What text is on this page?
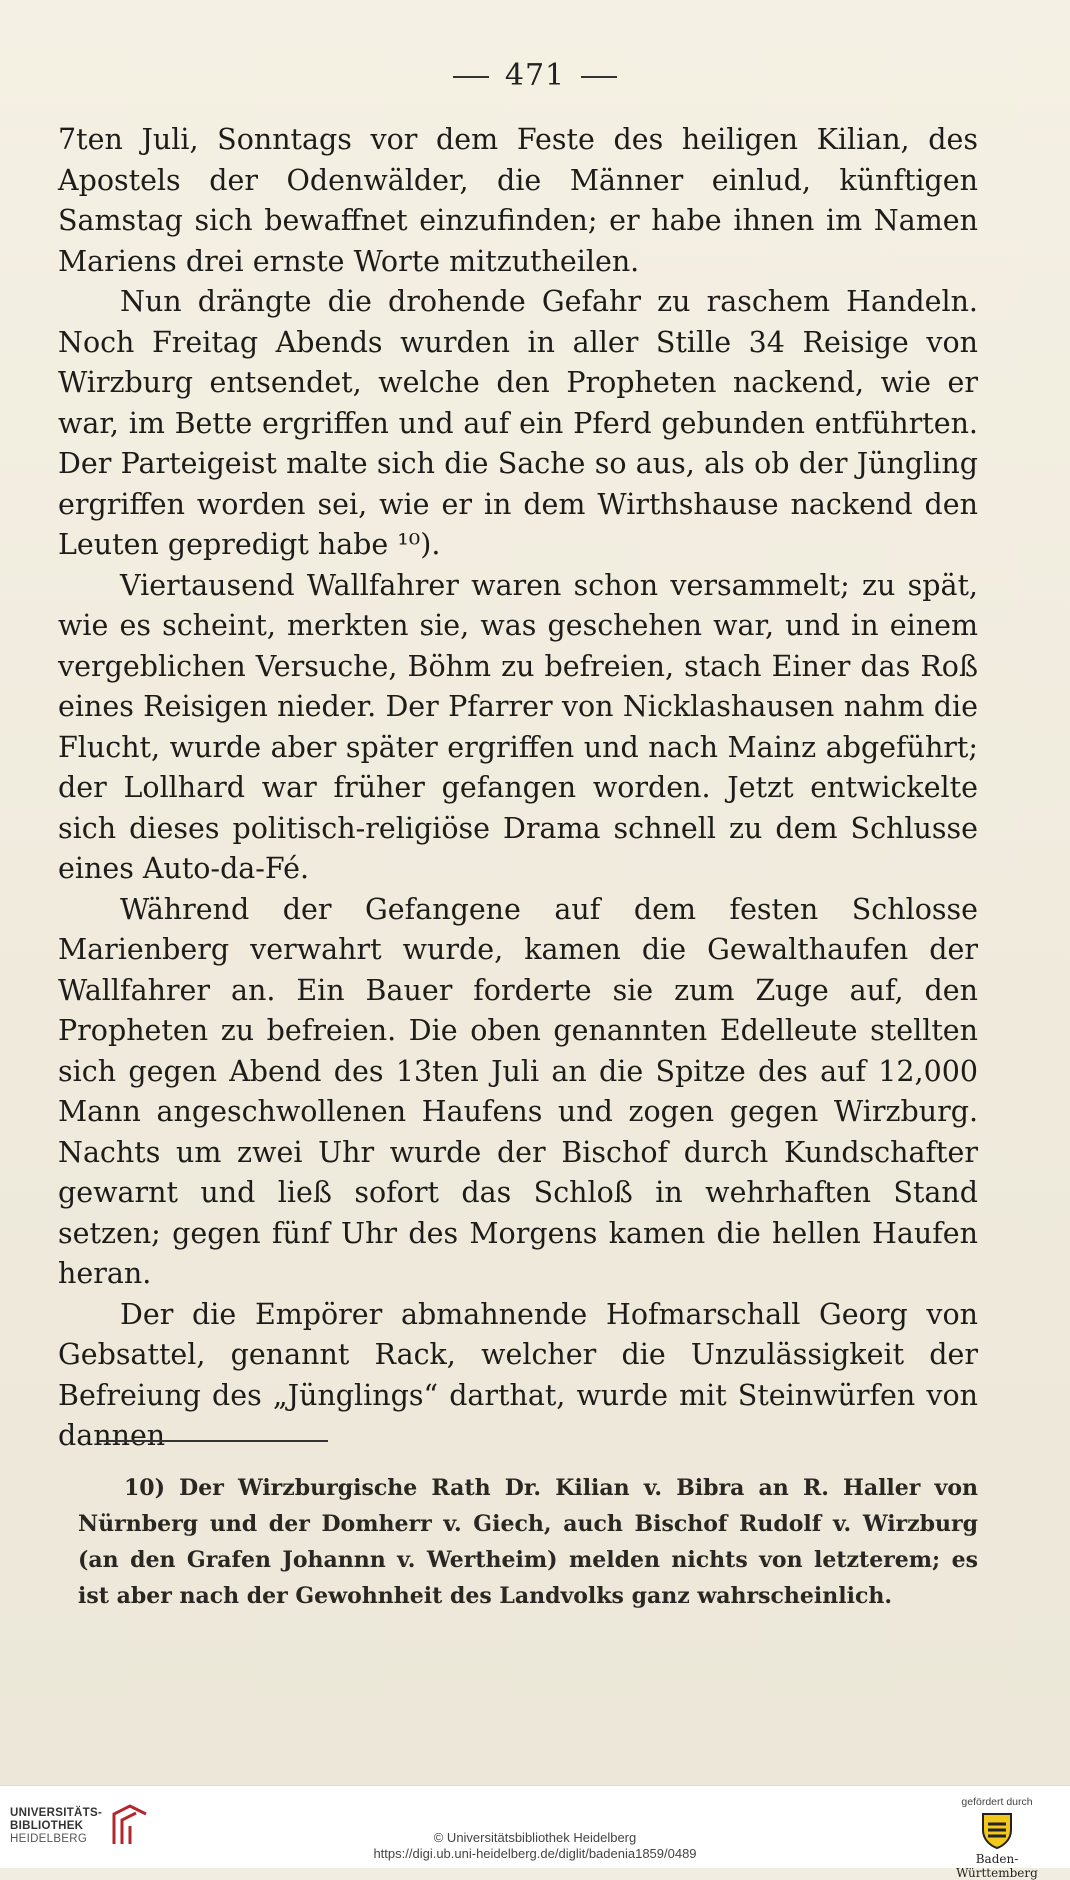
471

7ten Juli, Sonntags vor dem Feste des heiligen Kilian, des Apostels der Odenwälder, die Männer einlud, künftigen Samstag sich bewaffnet einzufinden; er habe ihnen im Namen Mariens drei ernste Worte mitzutheilen.

Nun drängte die drohende Gefahr zu raschem Handeln. Noch Freitag Abends wurden in aller Stille 34 Reisige von Wirzburg entsendet, welche den Propheten nackend, wie er war, im Bette ergriffen und auf ein Pferd gebunden entführten. Der Parteigeist malte sich die Sache so aus, als ob der Jüngling ergriffen worden sei, wie er in dem Wirthshause nackend den Leuten gepredigt habe ¹⁰).

Viertausend Wallfahrer waren schon versammelt; zu spät, wie es scheint, merkten sie, was geschehen war, und in einem vergeblichen Versuche, Böhm zu befreien, stach Einer das Roß eines Reisigen nieder. Der Pfarrer von Nicklashausen nahm die Flucht, wurde aber später ergriffen und nach Mainz abgeführt; der Lollhard war früher gefangen worden. Jetzt entwickelte sich dieses politisch-religiöse Drama schnell zu dem Schlusse eines Auto-da-Fé.

Während der Gefangene auf dem festen Schlosse Marienberg verwahrt wurde, kamen die Gewalthaufen der Wallfahrer an. Ein Bauer forderte sie zum Zuge auf, den Propheten zu befreien. Die oben genannten Edelleute stellten sich gegen Abend des 13ten Juli an die Spitze des auf 12,000 Mann angeschwollenen Haufens und zogen gegen Wirzburg. Nachts um zwei Uhr wurde der Bischof durch Kundschafter gewarnt und ließ sofort das Schloß in wehrhaften Stand setzen; gegen fünf Uhr des Morgens kamen die hellen Haufen heran.

Der die Empörer abmahnende Hofmarschall Georg von Gebsattel, genannt Rack, welcher die Unzulässigkeit der Befreiung des „Jünglings“ darthat, wurde mit Steinwürfen von dannen

10) Der Wirzburgische Rath Dr. Kilian v. Bibra an R. Haller von Nürnberg und der Domherr v. Giech, auch Bischof Rudolf v. Wirzburg (an den Grafen Johannn v. Wertheim) melden nichts von letzterem; es ist aber nach der Gewohnheit des Landvolks ganz wahrscheinlich.

UNIVERSITÄTS-
BIBLIOTHEK
HEIDELBERG	© Universitätsbibliothek Heidelberg
https://digi.ub.uni-heidelberg.de/diglit/badenia1859/0489
gefördert durch
Baden-Württemberg
